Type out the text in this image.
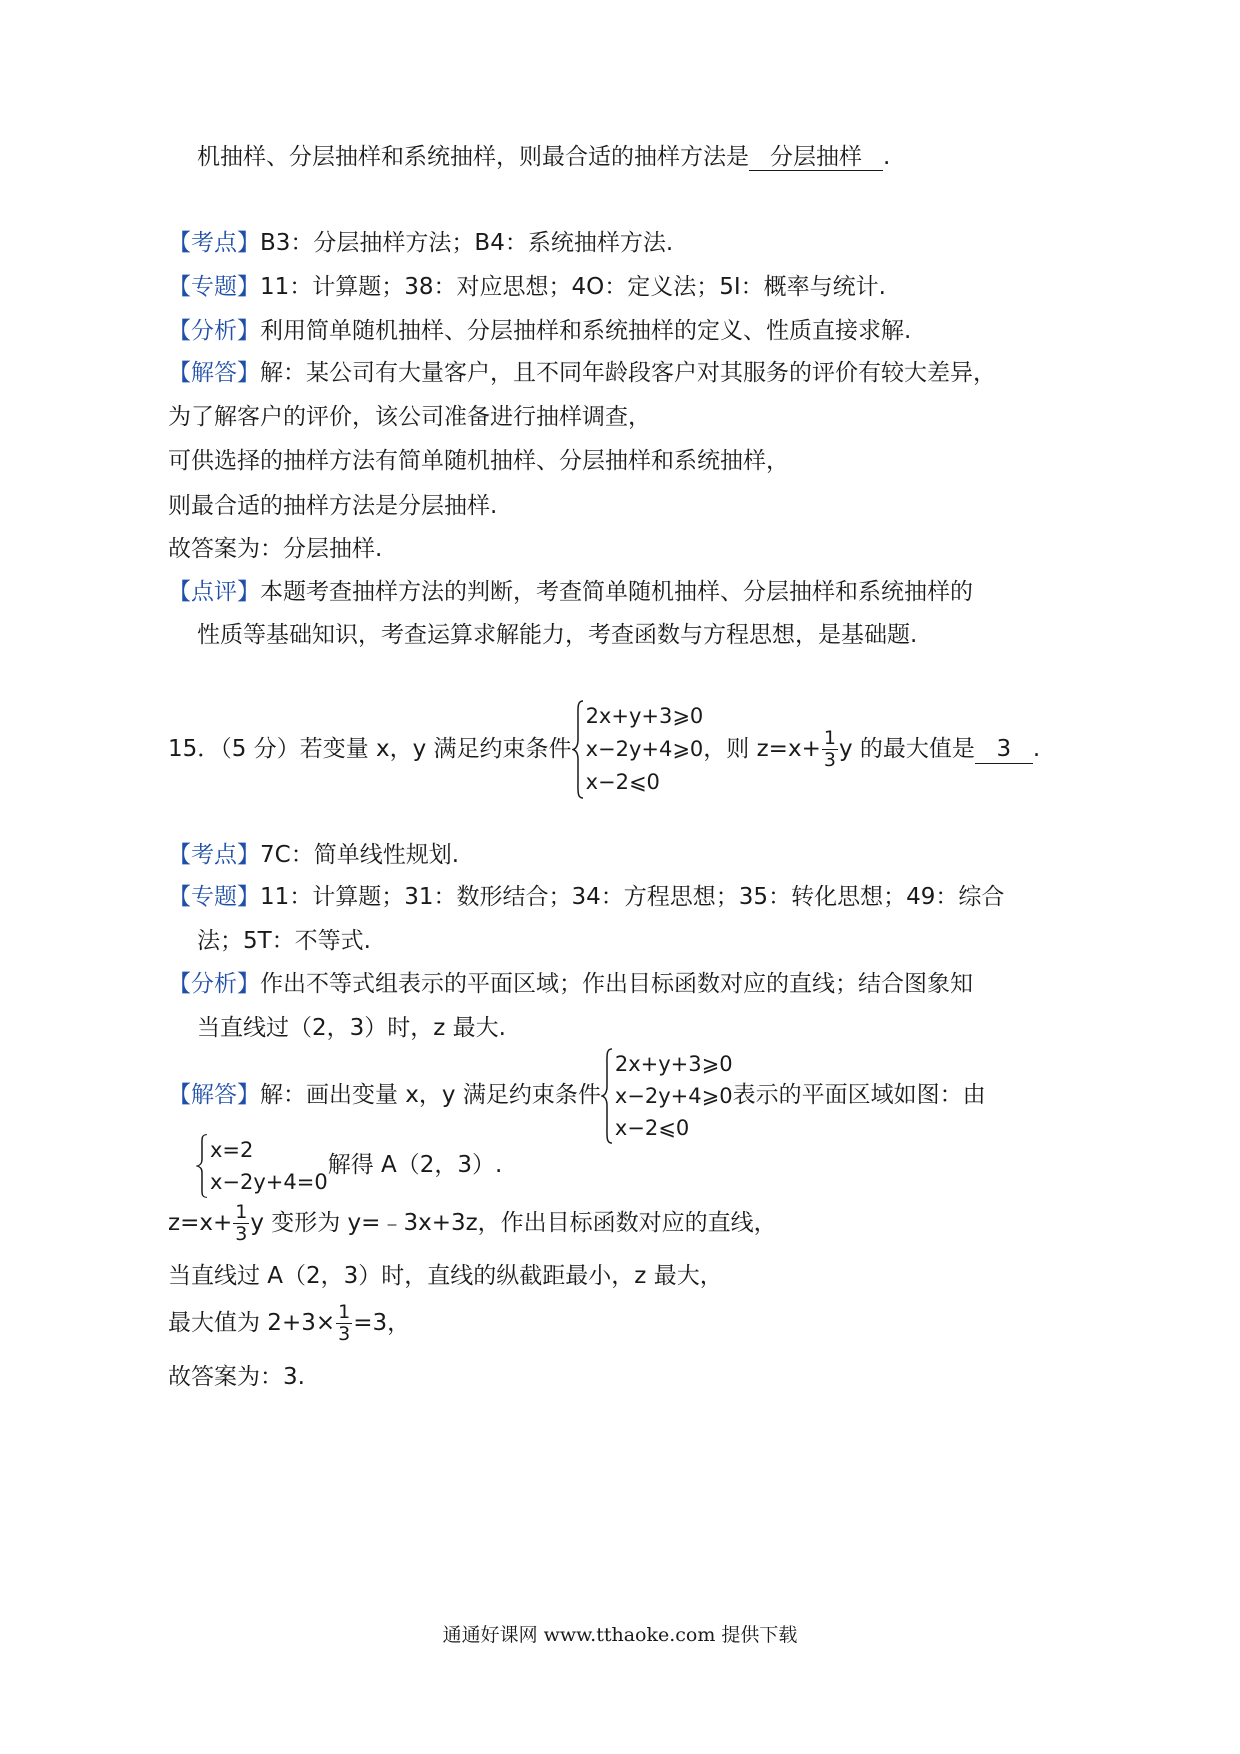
机抽样、分层抽样和系统抽样，则最合适的抽样方法是 分层抽样 .
【考点】B3：分层抽样方法；B4：系统抽样方法.
【专题】11：计算题；38：对应思想；4O：定义法；5I：概率与统计.
【分析】利用简单随机抽样、分层抽样和系统抽样的定义、性质直接求解.
【解答】解：某公司有大量客户，且不同年龄段客户对其服务的评价有较大差异，
为了解客户的评价，该公司准备进行抽样调查，
可供选择的抽样方法有简单随机抽样、分层抽样和系统抽样，
则最合适的抽样方法是分层抽样.
故答案为：分层抽样.
【点评】本题考查抽样方法的判断，考查简单随机抽样、分层抽样和系统抽样的
性质等基础知识，考查运算求解能力，考查函数与方程思想，是基础题.
15．（5 分）若变量 x，y 满足约束条件
2x+y+3⩾0
x−2y+4⩾0
x−2⩽0
，则 $z=x+ \frac{1}{3}$ y 的最大值是 3 .
【考点】7C：简单线性规划.
【专题】11：计算题；31：数形结合；34：方程思想；35：转化思想；49：综合
法；5T：不等式.
【分析】作出不等式组表示的平面区域；作出目标函数对应的直线；结合图象知
当直线过（2，3）时，z 最大.
【解答】解：画出变量 x，y 满足约束条件
2x+y+3⩾0
x−2y+4⩾0
x−2⩽0
表示的平面区域如图：由
x=2
x−2y+4=0
解得 A（2，3）.
$z=x+ \frac{1}{3}$ y 变形为 y=﹣3x+3z，作出目标函数对应的直线，
当直线过 A（2，3）时，直线的纵截距最小，z 最大，
最大值为 $2+3\times \frac{1}{3} =3$，
故答案为：3.
通通好课网 www.tthaoke.com 提供下载
